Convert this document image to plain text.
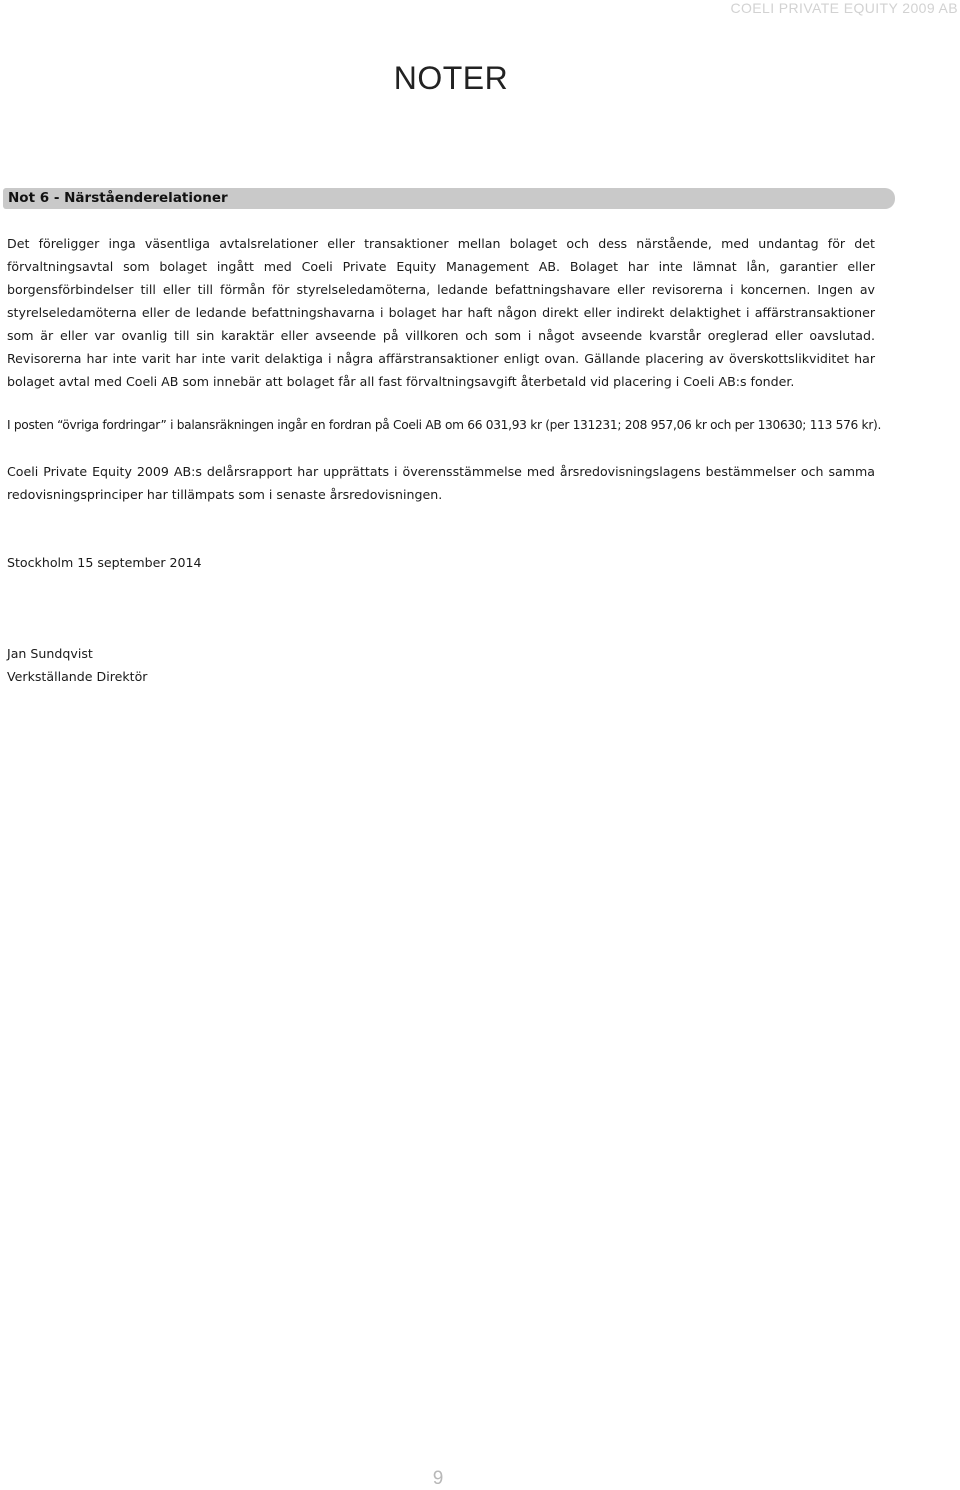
COELI PRIVATE EQUITY 2009 AB
NOTER
Not 6 - Närståenderelationer

Det föreligger inga väsentliga avtalsrelationer eller transaktioner mellan bolaget och dess närstående, med undantag för det förvaltningsavtal som bolaget ingått med Coeli Private Equity Management AB. Bolaget har inte lämnat lån, garantier eller borgensförbindelser till eller till förmån för styrelseledamöterna, ledande befattningshavare eller revisorerna i koncernen. Ingen av styrelseledamöterna eller de ledande befattningshavarna i bolaget har haft någon direkt eller indirekt delaktighet i affärstransaktioner som är eller var ovanlig till sin karaktär eller avseende på villkoren och som i något avseende kvarstår oreglerad eller oavslutad. Revisorerna har inte varit har inte varit delaktiga i några affärstransaktioner enligt ovan. Gällande placering av överskottslikviditet har bolaget avtal med Coeli AB som innebär att bolaget får all fast förvaltningsavgift återbetald vid placering i Coeli AB:s fonder.

I posten “övriga fordringar” i balansräkningen ingår en fordran på Coeli AB om 66 031,93 kr (per 131231; 208 957,06 kr och per 130630; 113 576 kr).

Coeli Private Equity 2009 AB:s delårsrapport har upprättats i överensstämmelse med årsredovisningslagens bestämmelser och samma redovisningsprinciper har tillämpats som i senaste årsredovisningen.

Stockholm 15 september 2014

Jan Sundqvist

Verkställande Direktör

9
